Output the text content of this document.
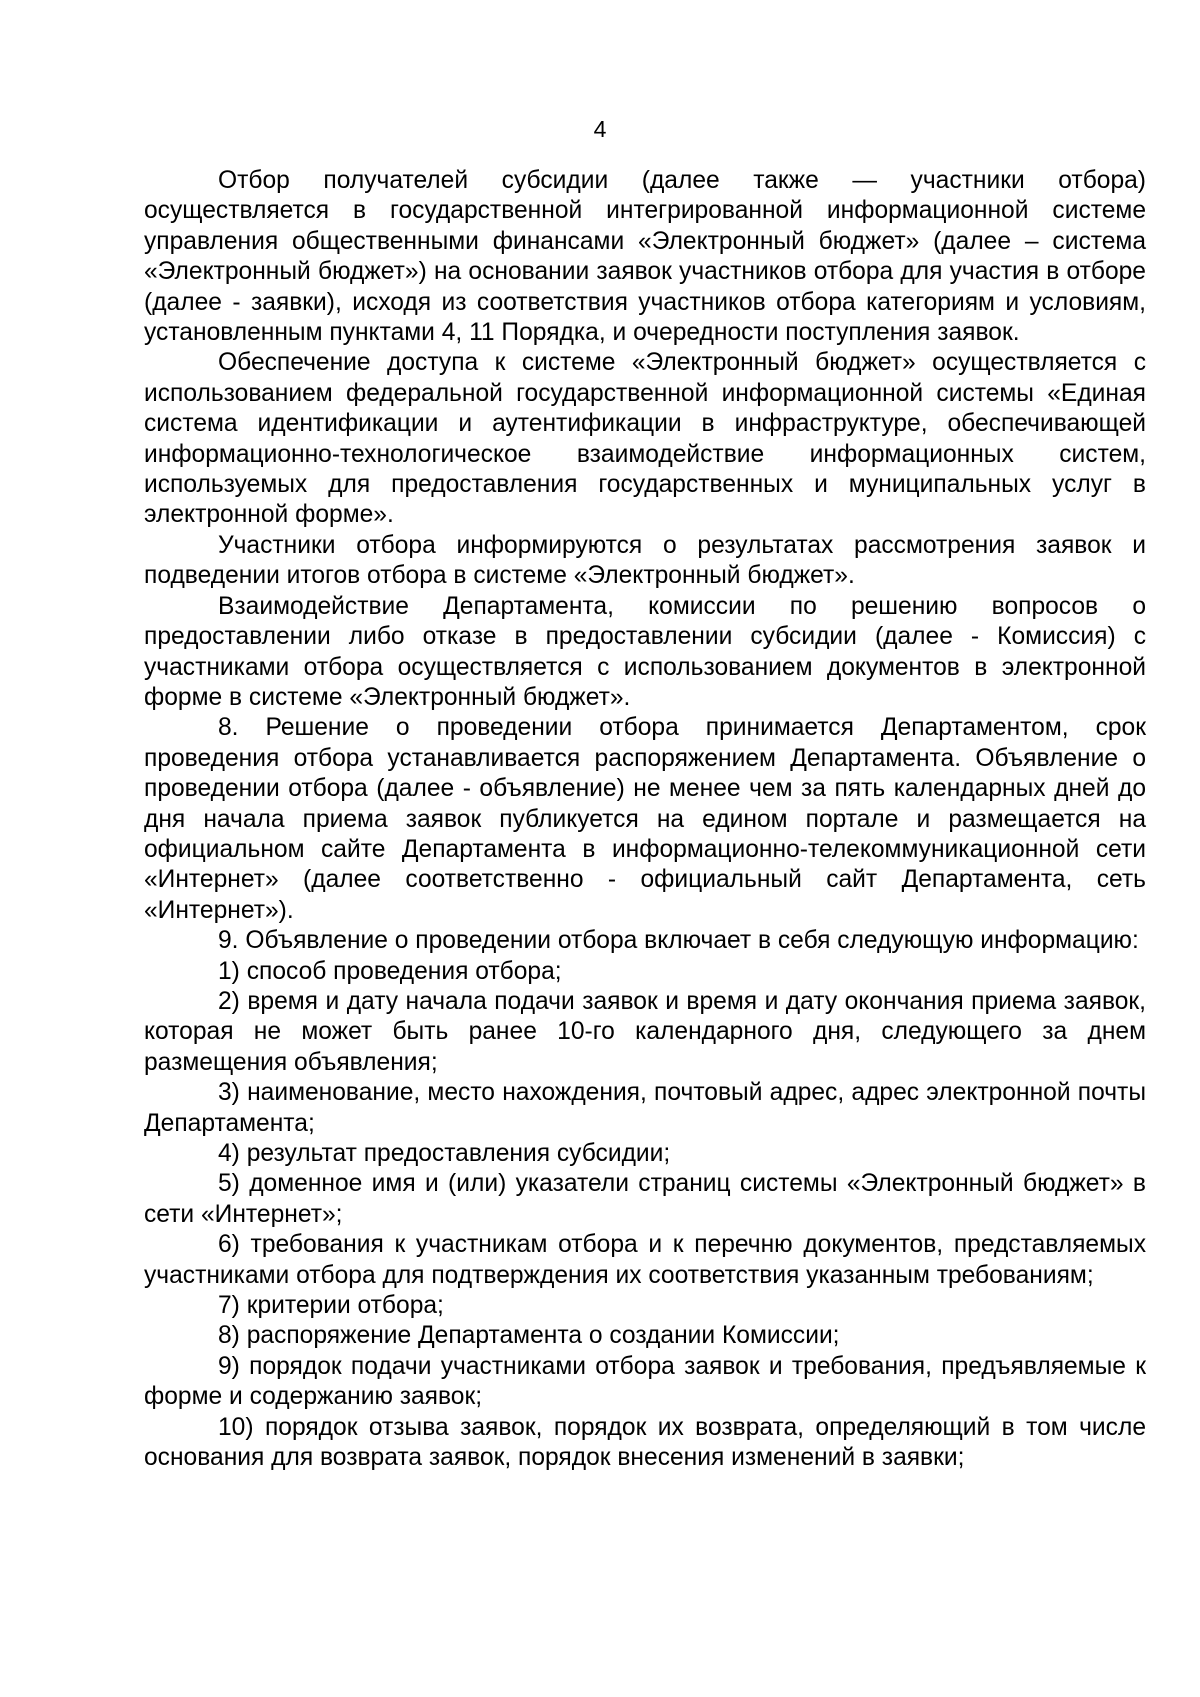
4

Отбор получателей субсидии (далее также — участники отбора) осуществляется в государственной интегрированной информационной системе управления общественными финансами «Электронный бюджет» (далее – система «Электронный бюджет») на основании заявок участников отбора для участия в отборе (далее - заявки), исходя из соответствия участников отбора категориям и условиям, установленным пунктами 4, 11 Порядка, и очередности поступления заявок.

Обеспечение доступа к системе «Электронный бюджет» осуществляется с использованием федеральной государственной информационной системы «Единая система идентификации и аутентификации в инфраструктуре, обеспечивающей информационно-технологическое взаимодействие информационных систем, используемых для предоставления государственных и муниципальных услуг в электронной форме».

Участники отбора информируются о результатах рассмотрения заявок и подведении итогов отбора в системе «Электронный бюджет».

Взаимодействие Департамента, комиссии по решению вопросов о предоставлении либо отказе в предоставлении субсидии (далее - Комиссия) с участниками отбора осуществляется с использованием документов в электронной форме в системе «Электронный бюджет».

8. Решение о проведении отбора принимается Департаментом, срок проведения отбора устанавливается распоряжением Департамента. Объявление о проведении отбора (далее - объявление) не менее чем за пять календарных дней до дня начала приема заявок публикуется на едином портале и размещается на официальном сайте Департамента в информационно-телекоммуникационной сети «Интернет» (далее соответственно - официальный сайт Департамента, сеть «Интернет»).

9. Объявление о проведении отбора включает в себя следующую информацию:

1) способ проведения отбора;

2) время и дату начала подачи заявок и время и дату окончания приема заявок, которая не может быть ранее 10-го календарного дня, следующего за днем размещения объявления;

3) наименование, место нахождения, почтовый адрес, адрес электронной почты Департамента;

4) результат предоставления субсидии;

5) доменное имя и (или) указатели страниц системы «Электронный бюджет» в сети «Интернет»;

6) требования к участникам отбора и к перечню документов, представляемых участниками отбора для подтверждения их соответствия указанным требованиям;

7) критерии отбора;

8) распоряжение Департамента о создании Комиссии;

9) порядок подачи участниками отбора заявок и требования, предъявляемые к форме и содержанию заявок;

10) порядок отзыва заявок, порядок их возврата, определяющий в том числе основания для возврата заявок, порядок внесения изменений в заявки;
